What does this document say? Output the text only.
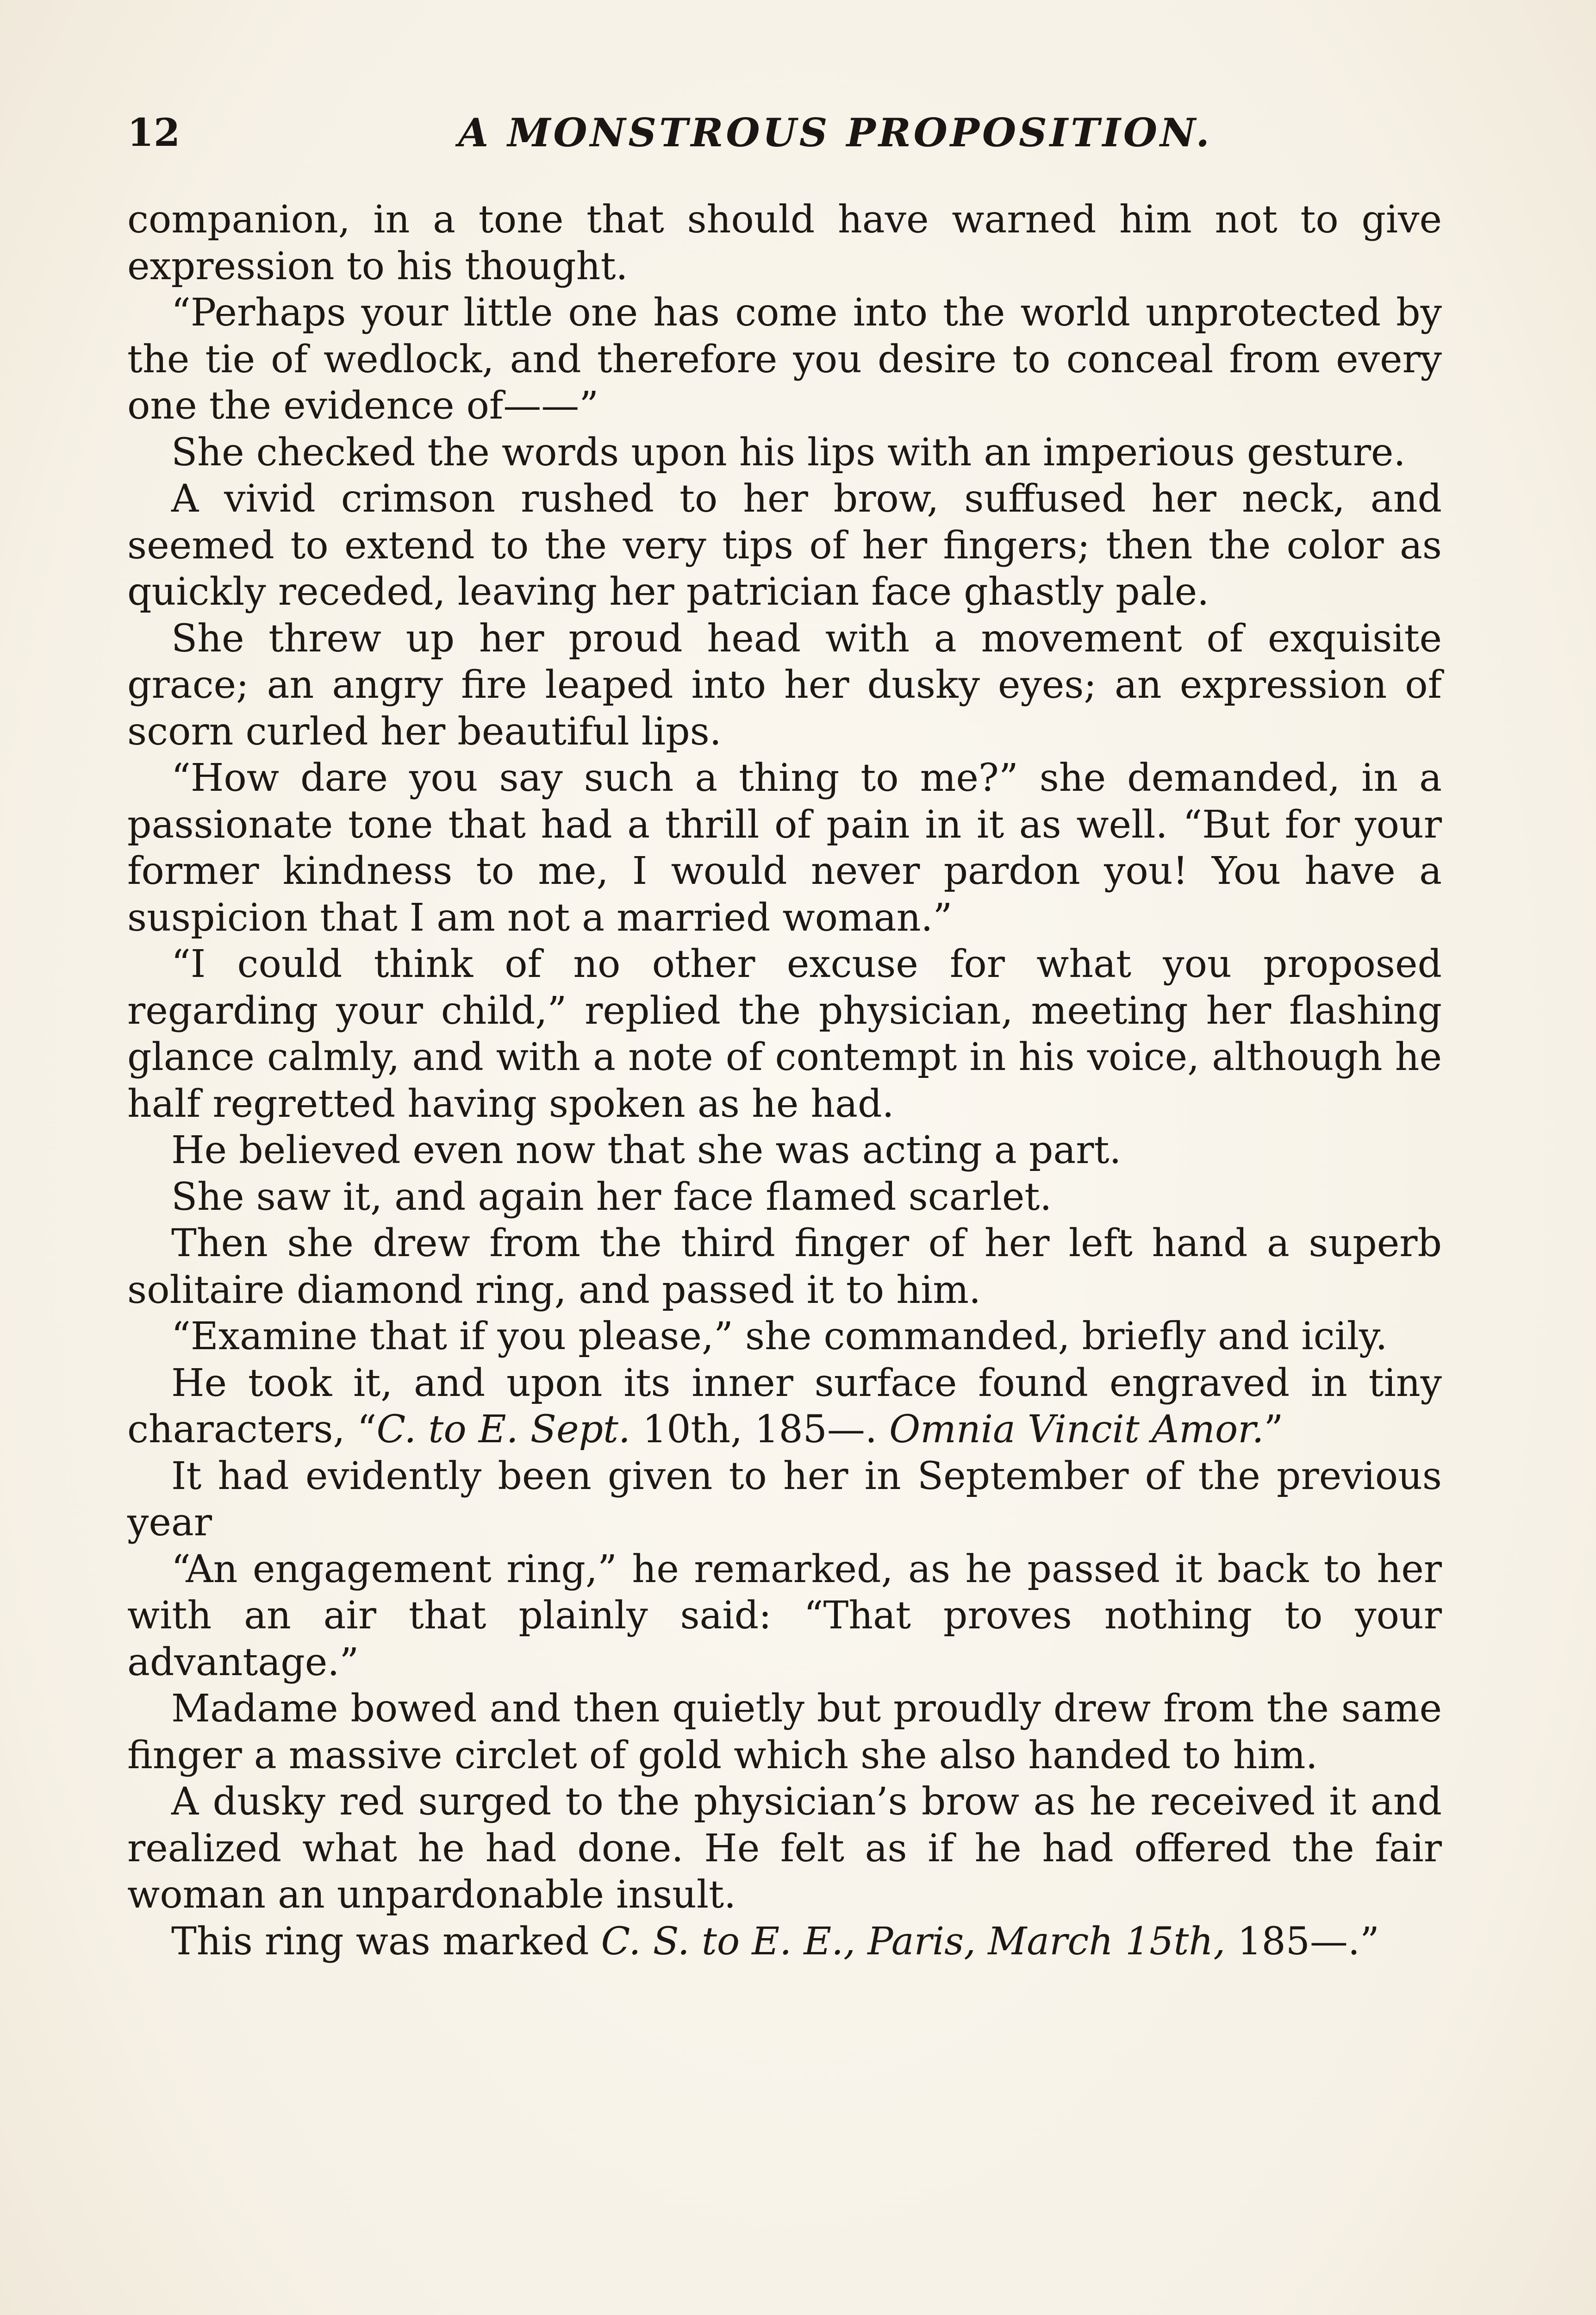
12	A MONSTROUS PROPOSITION.

companion, in a tone that should have warned him not to give expression to his thought.

“Perhaps your little one has come into the world unprotected by the tie of wedlock, and therefore you desire to conceal from every one the evidence of——”

She checked the words upon his lips with an imperious gesture.

A vivid crimson rushed to her brow, suffused her neck, and seemed to extend to the very tips of her fingers; then the color as quickly receded, leaving her patrician face ghastly pale.

She threw up her proud head with a movement of exquisite grace; an angry fire leaped into her dusky eyes; an expression of scorn curled her beautiful lips.

“How dare you say such a thing to me?” she demanded, in a passionate tone that had a thrill of pain in it as well. “But for your former kindness to me, I would never pardon you! You have a suspicion that I am not a married woman.”

“I could think of no other excuse for what you proposed regarding your child,” replied the physician, meeting her flashing glance calmly, and with a note of contempt in his voice, although he half regretted having spoken as he had.

He believed even now that she was acting a part.

She saw it, and again her face flamed scarlet.

Then she drew from the third finger of her left hand a superb solitaire diamond ring, and passed it to him.

“Examine that if you please,” she commanded, briefly and icily.

He took it, and upon its inner surface found engraved in tiny characters, “C. to E. Sept. 10th, 185—. Omnia Vincit Amor.”

It had evidently been given to her in September of the previous year

“An engagement ring,” he remarked, as he passed it back to her with an air that plainly said: “That proves nothing to your advantage.”

Madame bowed and then quietly but proudly drew from the same finger a massive circlet of gold which she also handed to him.

A dusky red surged to the physician’s brow as he received it and realized what he had done. He felt as if he had offered the fair woman an unpardonable insult.

This ring was marked C. S. to E. E., Paris, March 15th, 185—.”
